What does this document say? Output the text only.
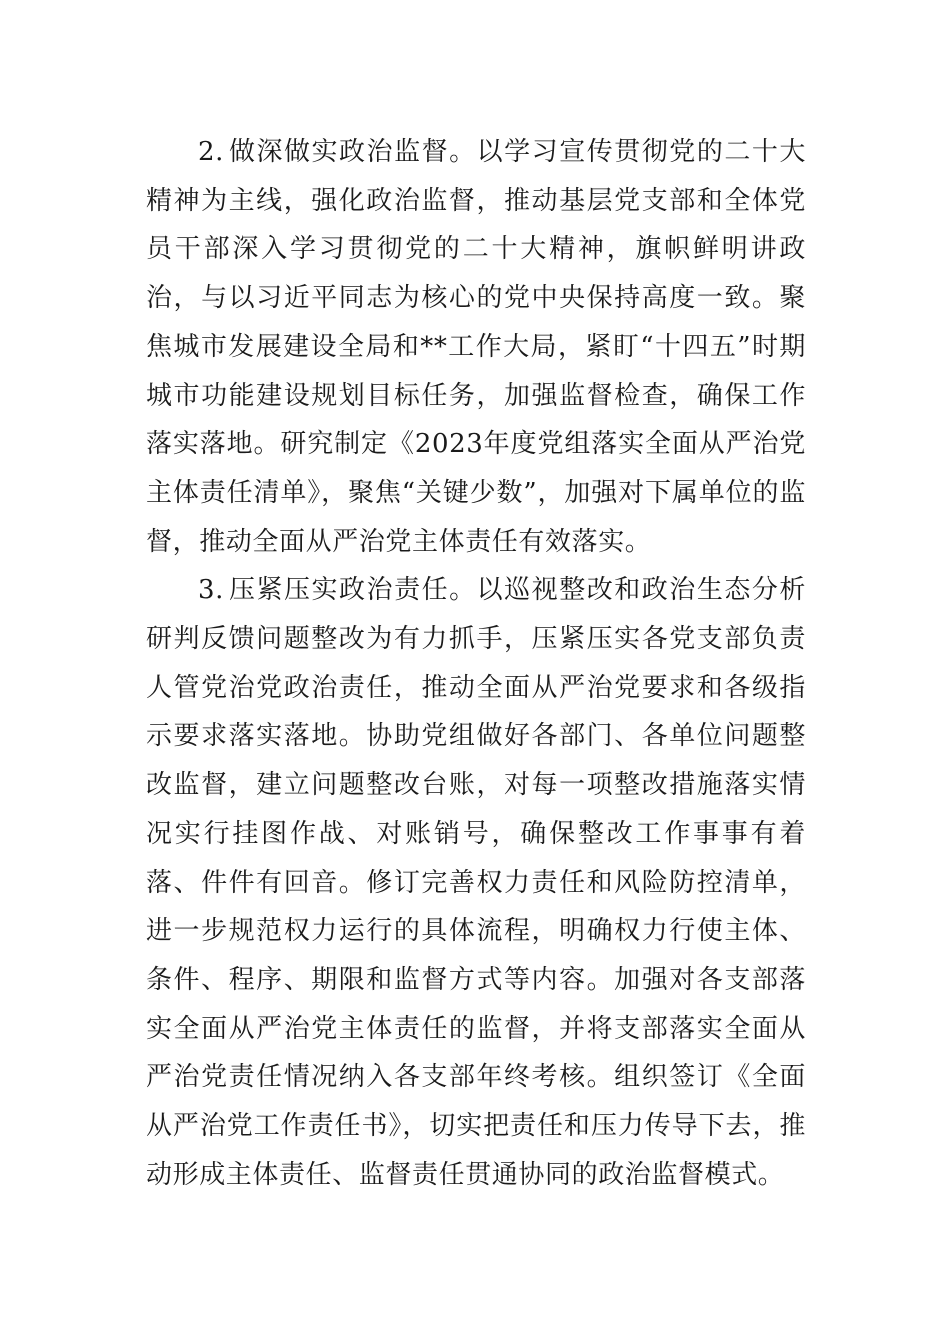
2. 做深做实政治监督。以学习宣传贯彻党的二十大精神为主线，强化政治监督，推动基层党支部和全体党员干部深入学习贯彻党的二十大精神，旗帜鲜明讲政治，与以习近平同志为核心的党中央保持高度一致。聚焦城市发展建设全局和**工作大局，紧盯“十四五”时期城市功能建设规划目标任务，加强监督检查，确保工作落实落地。研究制定《2023年度党组落实全面从严治党主体责任清单》，聚焦“关键少数”，加强对下属单位的监督，推动全面从严治党主体责任有效落实。

3. 压紧压实政治责任。以巡视整改和政治生态分析研判反馈问题整改为有力抓手，压紧压实各党支部负责人管党治党政治责任，推动全面从严治党要求和各级指示要求落实落地。协助党组做好各部门、各单位问题整改监督，建立问题整改台账，对每一项整改措施落实情况实行挂图作战、对账销号，确保整改工作事事有着落、件件有回音。修订完善权力责任和风险防控清单，进一步规范权力运行的具体流程，明确权力行使主体、条件、程序、期限和监督方式等内容。加强对各支部落实全面从严治党主体责任的监督，并将支部落实全面从严治党责任情况纳入各支部年终考核。组织签订《全面从严治党工作责任书》，切实把责任和压力传导下去，推动形成主体责任、监督责任贯通协同的政治监督模式。
